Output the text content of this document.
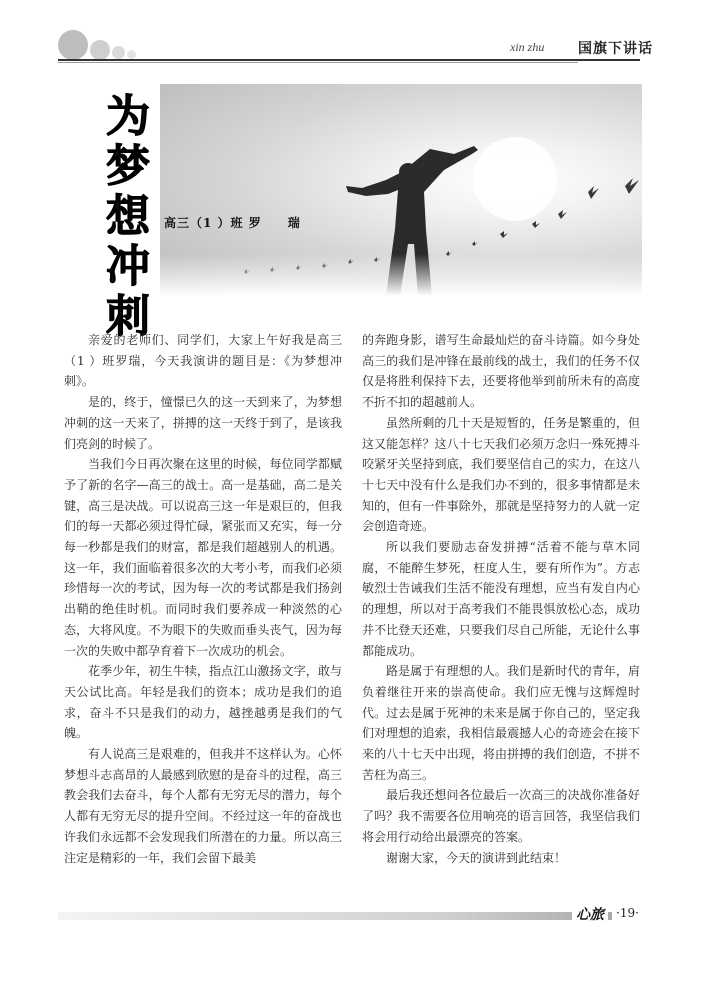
xin zhu 国旗下讲话
为
梦
想
冲
刺
高三（1 ）班 罗　　瑞

亲爱的老师们、同学们，大家上午好我是高三（1 ）班罗瑞，今天我演讲的题目是：《为梦想冲刺》。

是的，终于，憧憬已久的这一天到来了，为梦想冲刺的这一天来了，拼搏的这一天终于到了，是该我们亮剑的时候了。

当我们今日再次聚在这里的时候，每位同学都赋予了新的名字—高三的战士。高一是基础，高二是关键，高三是决战。可以说高三这一年是艰巨的，但我们的每一天都必须过得忙碌，紧张而又充实，每一分每一秒都是我们的财富，都是我们超越别人的机遇。这一年，我们面临着很多次的大考小考，而我们必须珍惜每一次的考试，因为每一次的考试都是我们扬剑出鞘的绝佳时机。而同时我们要养成一种淡然的心态，大将风度。不为眼下的失败而垂头丧气，因为每一次的失败中都孕育着下一次成功的机会。

花季少年，初生牛犊，指点江山激扬文字，敢与天公试比高。年轻是我们的资本；成功是我们的追求，奋斗不只是我们的动力，越挫越勇是我们的气魄。

有人说高三是艰难的，但我并不这样认为。心怀梦想斗志高昂的人最感到欣慰的是奋斗的过程，高三教会我们去奋斗，每个人都有无穷无尽的潜力，每个人都有无穷无尽的提升空间。不经过这一年的奋战也许我们永远都不会发现我们所潜在的力量。所以高三注定是精彩的一年，我们会留下最美

的奔跑身影，谱写生命最灿烂的奋斗诗篇。如今身处高三的我们是冲锋在最前线的战士，我们的任务不仅仅是将胜利保持下去，还要将他举到前所未有的高度不折不扣的超越前人。

虽然所剩的几十天是短暂的，任务是繁重的，但这又能怎样？这八十七天我们必须万念归一殊死搏斗咬紧牙关坚持到底，我们要坚信自己的实力，在这八十七天中没有什么是我们办不到的，很多事情都是未知的，但有一件事除外，那就是坚持努力的人就一定会创造奇迹。

所以我们要励志奋发拼搏“活着不能与草木同腐，不能醉生梦死，枉度人生，要有所作为”。方志敏烈士告诫我们生活不能没有理想，应当有发自内心的理想，所以对于高考我们不能畏惧放松心态，成功并不比登天还难，只要我们尽自己所能，无论什么事都能成功。

路是属于有理想的人。我们是新时代的青年，肩负着继往开来的崇高使命。我们应无愧与这辉煌时代。过去是属于死神的未来是属于你自己的，坚定我们对理想的追索，我相信最震撼人心的奇迹会在接下来的八十七天中出现，将由拼搏的我们创造，不拼不苦枉为高三。

最后我还想问各位最后一次高三的决战你准备好了吗？我不需要各位用响亮的语言回答，我坚信我们将会用行动给出最漂亮的答案。

谢谢大家，今天的演讲到此结束！

心旅	·19·
